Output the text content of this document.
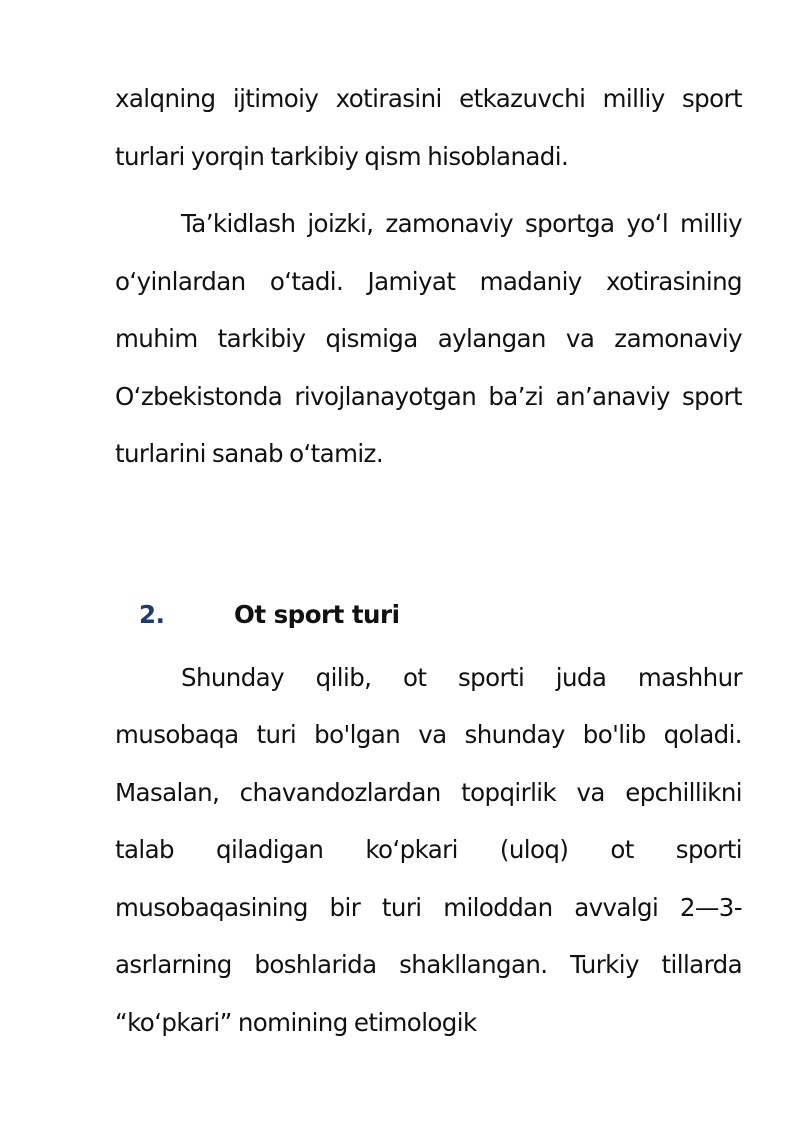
xalqning ijtimoiy xotirasini etkazuvchi milliy sport turlari yorqin tarkibiy qism hisoblanadi.

Ta’kidlash joizki, zamonaviy sportga yo‘l milliy o‘yinlardan o‘tadi. Jamiyat madaniy xotirasining muhim tarkibiy qismiga aylangan va zamonaviy O‘zbekistonda rivojlanayotgan ba’zi an’anaviy sport turlarini sanab o‘tamiz.

2.	Ot sport turi

Shunday qilib, ot sporti juda mashhur musobaqa turi bo'lgan va shunday bo'lib qoladi. Masalan, chavandozlardan topqirlik va epchillikni talab qiladigan ko‘pkari (uloq) ot sporti musobaqasining bir turi miloddan avvalgi 2—3-asrlarning boshlarida shakllangan. Turkiy tillarda “ko‘pkari” nomining etimologik
